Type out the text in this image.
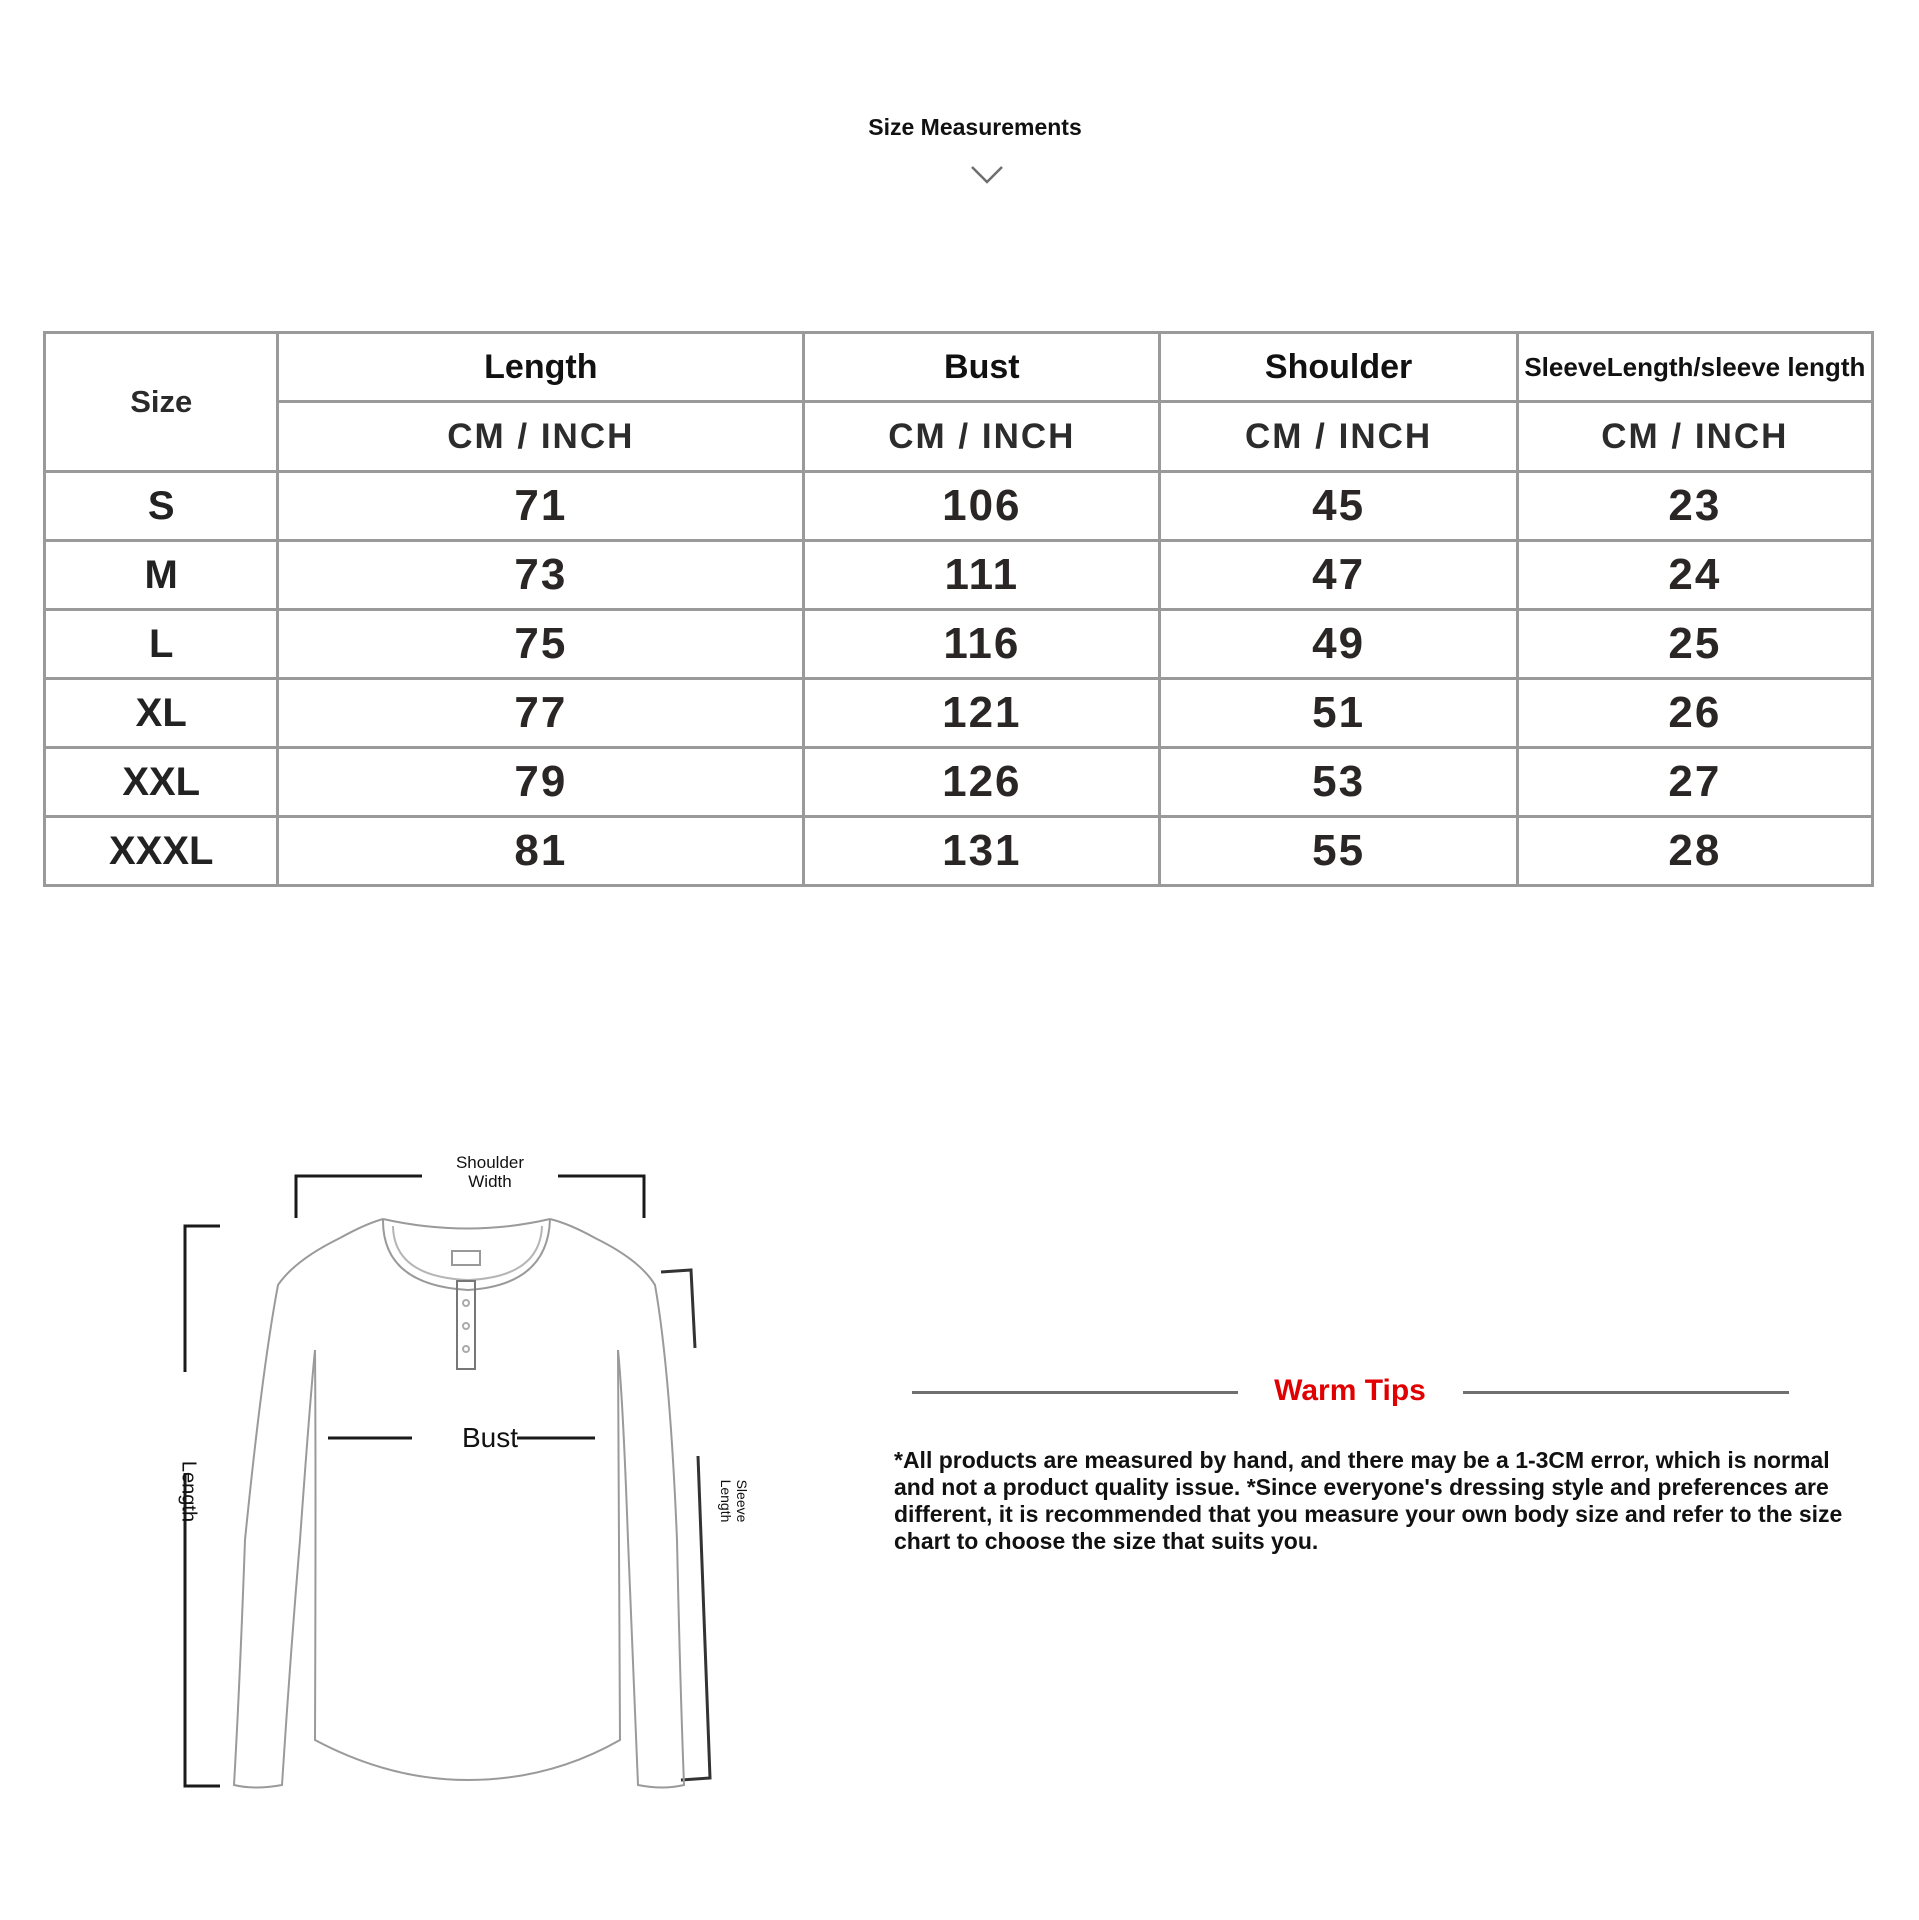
Size Measurements
Size	Length	Bust	Shoulder	SleeveLength/sleeve length
	CM / INCH	CM / INCH	CM / INCH	CM / INCH
S	71	106	45	23
M	73	111	47	24
L	75	116	49	25
XL	77	121	51	26
XXL	79	126	53	27
XXXL	81	131	55	28
Shoulder
Width
Bust
Length	Sleeve
Length
Warm Tips
*All products are measured by hand, and there may be a 1-3CM error, which is normal and not a product quality issue. *Since everyone's dressing style and preferences are different, it is recommended that you measure your own body size and refer to the size chart to choose the size that suits you.
